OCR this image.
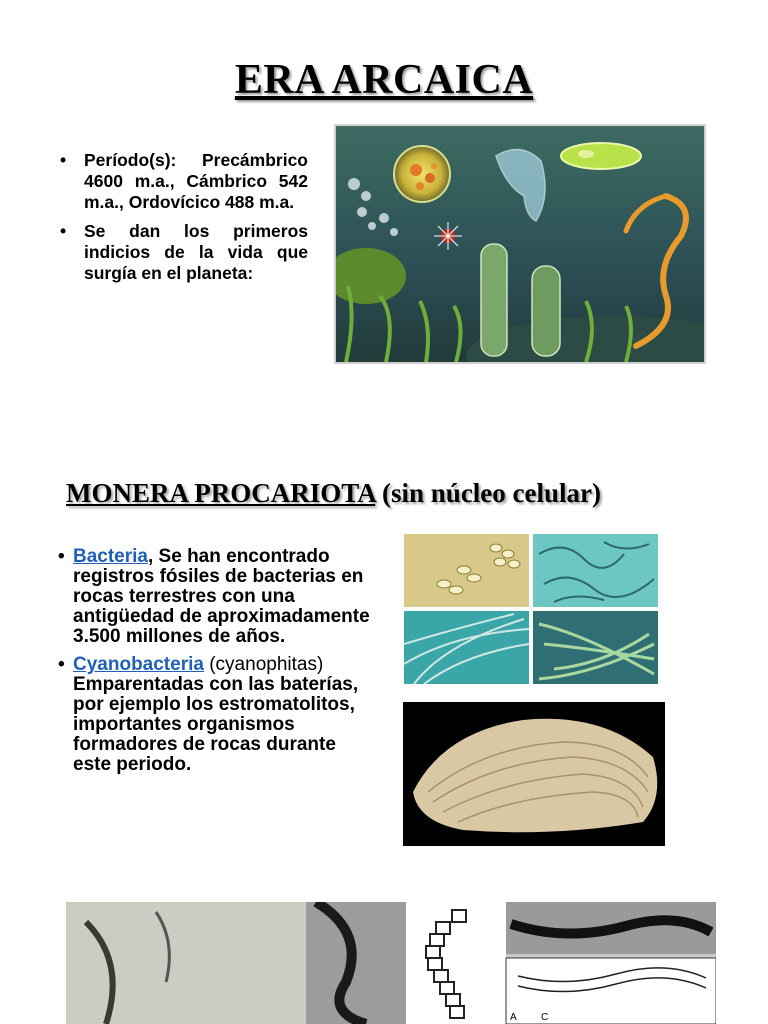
ERA ARCAICA
• Período(s): Precámbrico 4600 m.a., Cámbrico 542 m.a., Ordovícico 488 m.a.
• Se dan los primeros indicios de la vida que surgía en el planeta:
MONERA PROCARIOTA (sin núcleo celular)
• Bacteria, Se han encontrado registros fósiles de bacterias en rocas terrestres con una antigüedad de aproximadamente 3.500 millones de años.
• Cyanobacteria (cyanophitas) Emparentadas con las baterías, por ejemplo los estromatolitos, importantes organismos formadores de rocas durante este periodo.
A C
